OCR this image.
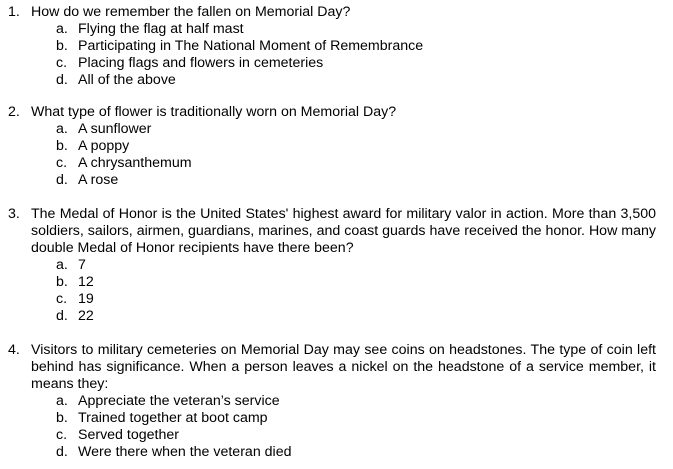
1. How do we remember the fallen on Memorial Day?
a. Flying the flag at half mast
b. Participating in The National Moment of Remembrance
c. Placing flags and flowers in cemeteries
d. All of the above
2. What type of flower is traditionally worn on Memorial Day?
a. A sunflower
b. A poppy
c. A chrysanthemum
d. A rose
3. The Medal of Honor is the United States' highest award for military valor in action. More than 3,500 soldiers, sailors, airmen, guardians, marines, and coast guards have received the honor. How many double Medal of Honor recipients have there been?
a. 7
b. 12
c. 19
d. 22
4. Visitors to military cemeteries on Memorial Day may see coins on headstones. The type of coin left behind has significance. When a person leaves a nickel on the headstone of a service member, it means they:
a. Appreciate the veteran’s service
b. Trained together at boot camp
c. Served together
d. Were there when the veteran died
